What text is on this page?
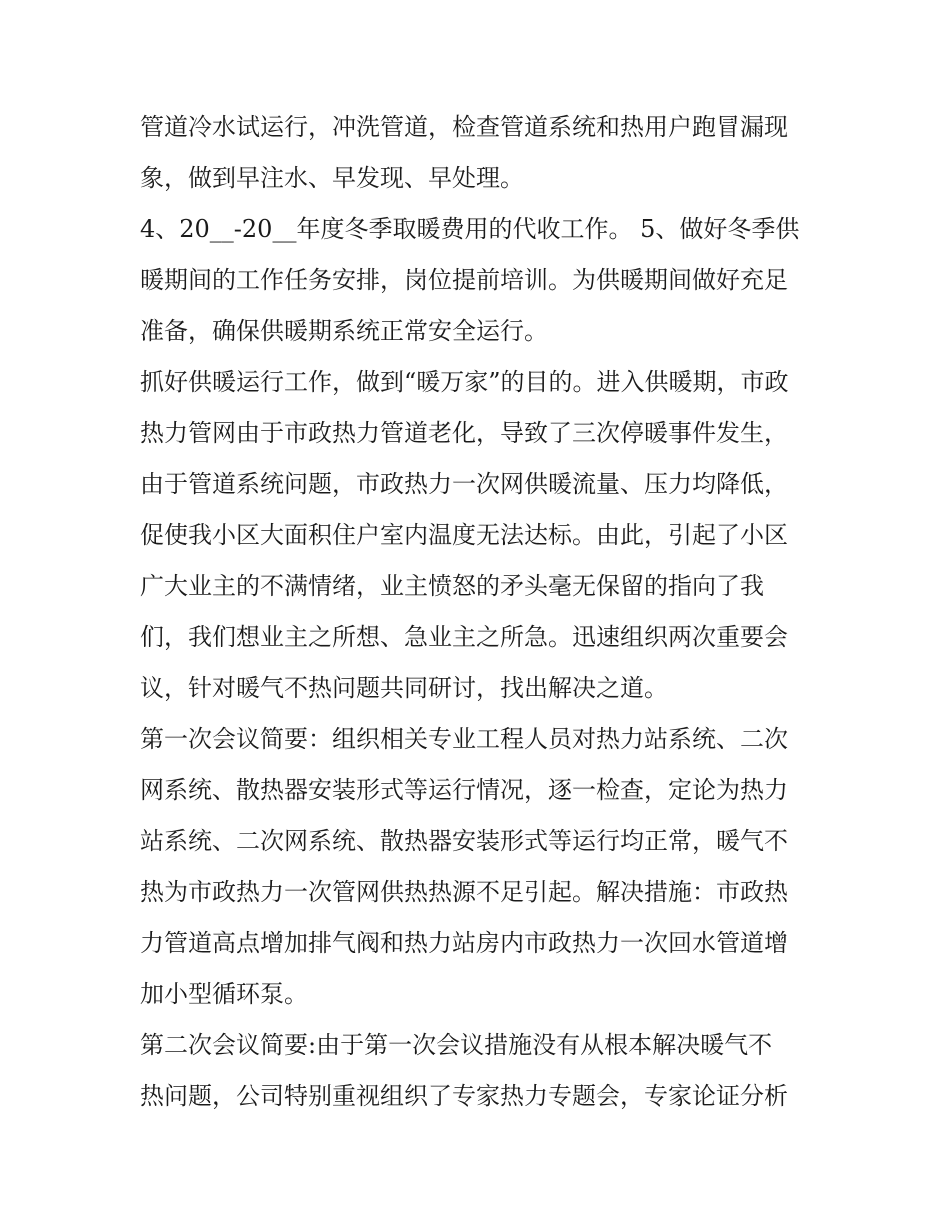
管道冷水试运行，冲洗管道，检查管道系统和热用户跑冒漏现
象，做到早注水、早发现、早处理。

4、20__-20__年度冬季取暖费用的代收工作。 5、做好冬季供
暖期间的工作任务安排，岗位提前培训。为供暖期间做好充足
准备，确保供暖期系统正常安全运行。

抓好供暖运行工作，做到“暖万家”的目的。进入供暖期，市政
热力管网由于市政热力管道老化，导致了三次停暖事件发生，
由于管道系统问题，市政热力一次网供暖流量、压力均降低，
促使我小区大面积住户室内温度无法达标。由此，引起了小区
广大业主的不满情绪，业主愤怒的矛头毫无保留的指向了我
们，我们想业主之所想、急业主之所急。迅速组织两次重要会
议，针对暖气不热问题共同研讨，找出解决之道。

第一次会议简要：组织相关专业工程人员对热力站系统、二次
网系统、散热器安装形式等运行情况，逐一检查，定论为热力
站系统、二次网系统、散热器安装形式等运行均正常，暖气不
热为市政热力一次管网供热热源不足引起。解决措施：市政热
力管道高点增加排气阀和热力站房内市政热力一次回水管道增
加小型循环泵。

第二次会议简要:由于第一次会议措施没有从根本解决暖气不
热问题，公司特别重视组织了专家热力专题会，专家论证分析
